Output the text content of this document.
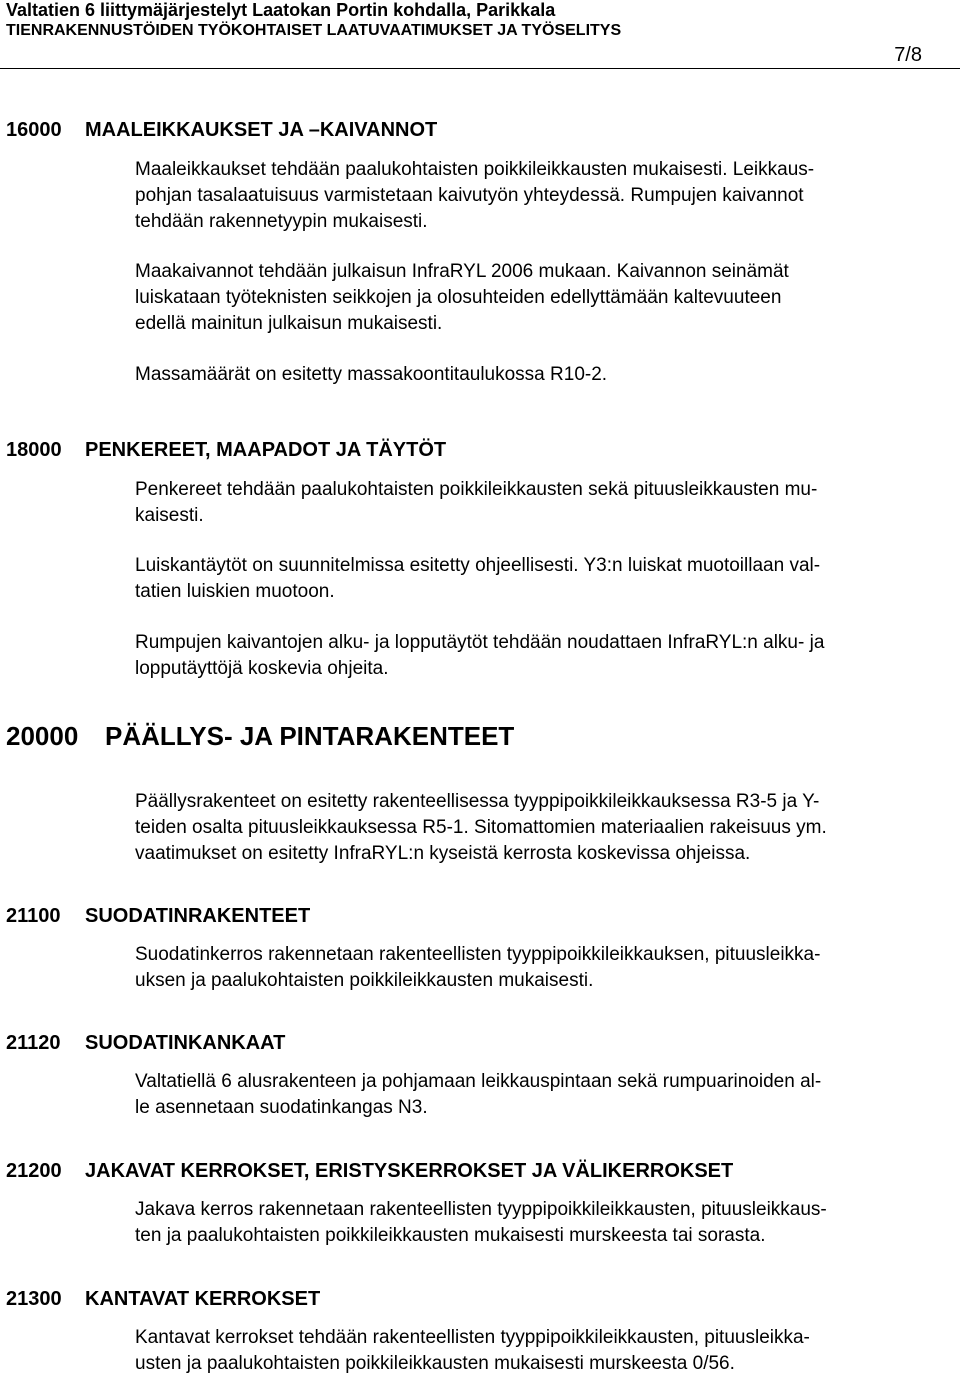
Valtatien 6 liittymäjärjestelyt Laatokan Portin kohdalla, Parikkala
TIENRAKENNUSTÖIDEN TYÖKOHTAISET LAATUVAATIMUKSET JA TYÖSELITYS
7/8
16000 MAALEIKKAUKSET JA –KAIVANNOT

Maaleikkaukset tehdään paalukohtaisten poikkileikkausten mukaisesti. Leikkaus-
pohjan tasalaatuisuus varmistetaan kaivutyön yhteydessä. Rumpujen kaivannot
tehdään rakennetyypin mukaisesti.

Maakaivannot tehdään julkaisun InfraRYL 2006 mukaan. Kaivannon seinämät
luiskataan työteknisten seikkojen ja olosuhteiden edellyttämään kaltevuuteen
edellä mainitun julkaisun mukaisesti.

Massamäärät on esitetty massakoontitaulukossa R10-2.

18000 PENKEREET, MAAPADOT JA TÄYTÖT

Penkereet tehdään paalukohtaisten poikkileikkausten sekä pituusleikkausten mu-
kaisesti.

Luiskantäytöt on suunnitelmissa esitetty ohjeellisesti. Y3:n luiskat muotoillaan val-
tatien luiskien muotoon.

Rumpujen kaivantojen alku- ja lopputäytöt tehdään noudattaen InfraRYL:n alku- ja
lopputäyttöjä koskevia ohjeita.

20000 PÄÄLLYS- JA PINTARAKENTEET

Päällysrakenteet on esitetty rakenteellisessa tyyppipoikkileikkauksessa R3-5 ja Y-
teiden osalta pituusleikkauksessa R5-1. Sitomattomien materiaalien rakeisuus ym.
vaatimukset on esitetty InfraRYL:n kyseistä kerrosta koskevissa ohjeissa.

21100 SUODATINRAKENTEET

Suodatinkerros rakennetaan rakenteellisten tyyppipoikkileikkauksen, pituusleikka-
uksen ja paalukohtaisten poikkileikkausten mukaisesti.

21120 SUODATINKANKAAT

Valtatiellä 6 alusrakenteen ja pohjamaan leikkauspintaan sekä rumpuarinoiden al-
le asennetaan suodatinkangas N3.

21200 JAKAVAT KERROKSET, ERISTYSKERROKSET JA VÄLIKERROKSET

Jakava kerros rakennetaan rakenteellisten tyyppipoikkileikkausten, pituusleikkaus-
ten ja paalukohtaisten poikkileikkausten mukaisesti murskeesta tai sorasta.

21300 KANTAVAT KERROKSET

Kantavat kerrokset tehdään rakenteellisten tyyppipoikkileikkausten, pituusleikka-
usten ja paalukohtaisten poikkileikkausten mukaisesti murskeesta 0/56.
